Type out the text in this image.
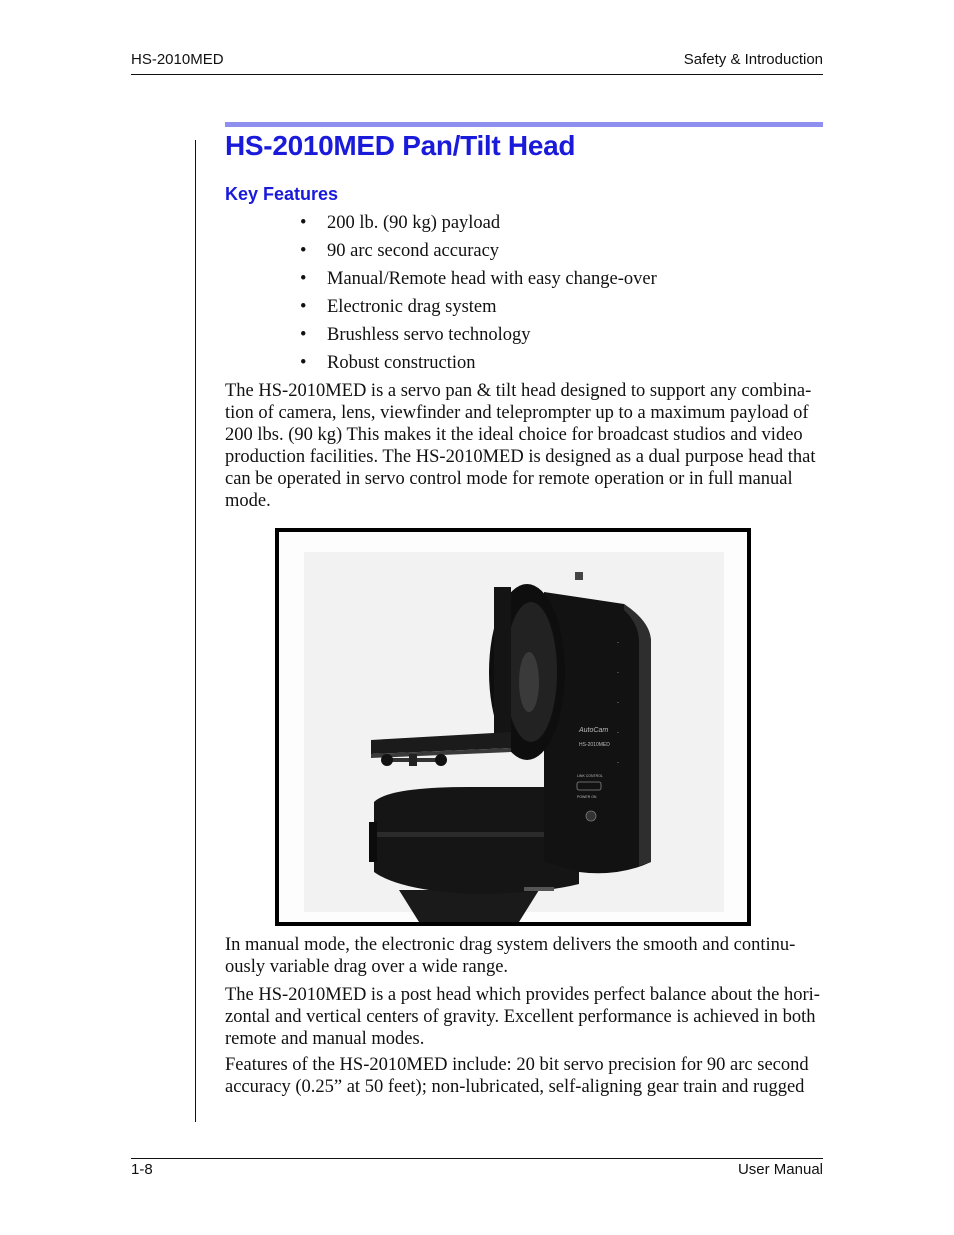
HS-2010MED	Safety & Introduction
HS-2010MED Pan/Tilt Head
Key Features
• 200 lb. (90 kg) payload
• 90 arc second accuracy
• Manual/Remote head with easy change-over
• Electronic drag system
• Brushless servo technology
• Robust construction

The HS-2010MED is a servo pan & tilt head designed to support any combina-tion of camera, lens, viewfinder and teleprompter up to a maximum payload of 200 lbs. (90 kg) This makes it the ideal choice for broadcast studios and video production facilities. The HS-2010MED is designed as a dual purpose head that can be operated in servo control mode for remote operation or in full manual mode.

AutoCam
HS-2010MED
LINK CONTROL
POWER ON

In manual mode, the electronic drag system delivers the smooth and continu-ously variable drag over a wide range.

The HS-2010MED is a post head which provides perfect balance about the hori-zontal and vertical centers of gravity. Excellent performance is achieved in both remote and manual modes.

Features of the HS-2010MED include: 20 bit servo precision for 90 arc second accuracy (0.25” at 50 feet); non-lubricated, self-aligning gear train and rugged

1-8	User Manual
